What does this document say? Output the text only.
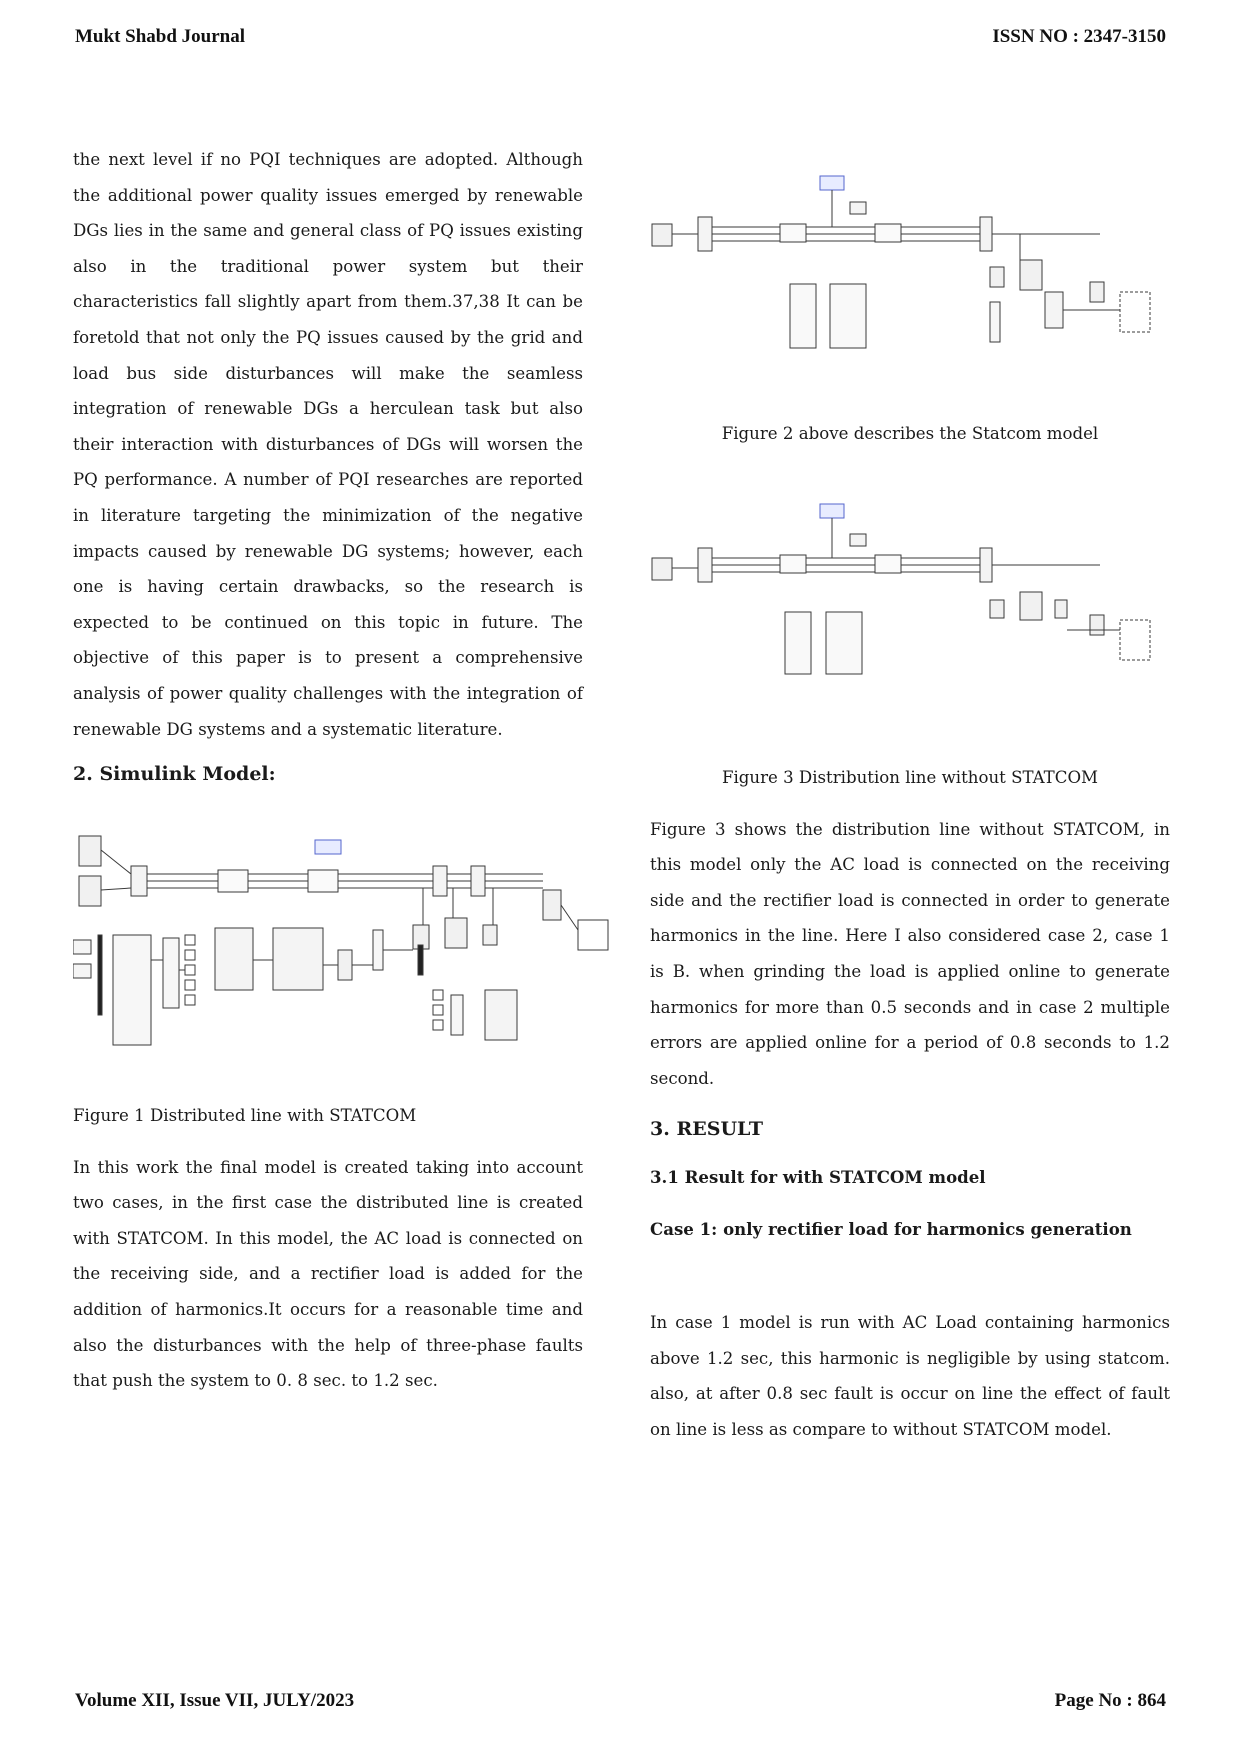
Mukt Shabd Journal	ISSN NO : 2347-3150

the next level if no PQI techniques are adopted. Although the additional power quality issues emerged by renewable DGs lies in the same and general class of PQ issues existing also in the traditional power system but their characteristics fall slightly apart from them.37,38 It can be foretold that not only the PQ issues caused by the grid and load bus side disturbances will make the seamless integration of renewable DGs a herculean task but also their interaction with disturbances of DGs will worsen the PQ performance. A number of PQI researches are reported in literature targeting the minimization of the negative impacts caused by renewable DG systems; however, each one is having certain drawbacks, so the research is expected to be continued on this topic in future. The objective of this paper is to present a comprehensive analysis of power quality challenges with the integration of renewable DG systems and a systematic literature.

2. Simulink Model:

Figure 1 Distributed line with STATCOM

In this work the final model is created taking into account two cases, in the first case the distributed line is created with STATCOM. In this model, the AC load is connected on the receiving side, and a rectifier load is added for the addition of harmonics.It occurs for a reasonable time and also the disturbances with the help of three-phase faults that push the system to 0. 8 sec. to 1.2 sec.

Figure 2 above describes the Statcom model

Figure 3 Distribution line without STATCOM

Figure 3 shows the distribution line without STATCOM, in this model only the AC load is connected on the receiving side and the rectifier load is connected in order to generate harmonics in the line. Here I also considered case 2, case 1 is B. when grinding the load is applied online to generate harmonics for more than 0.5 seconds and in case 2 multiple errors are applied online for a period of 0.8 seconds to 1.2 second.

3. RESULT

3.1 Result for with STATCOM model

Case 1: only rectifier load for harmonics generation

In case 1 model is run with AC Load containing harmonics above 1.2 sec, this harmonic is negligible by using statcom. also, at after 0.8 sec fault is occur on line the effect of fault on line is less as compare to without STATCOM model.

Volume XII, Issue VII, JULY/2023	Page No : 864
